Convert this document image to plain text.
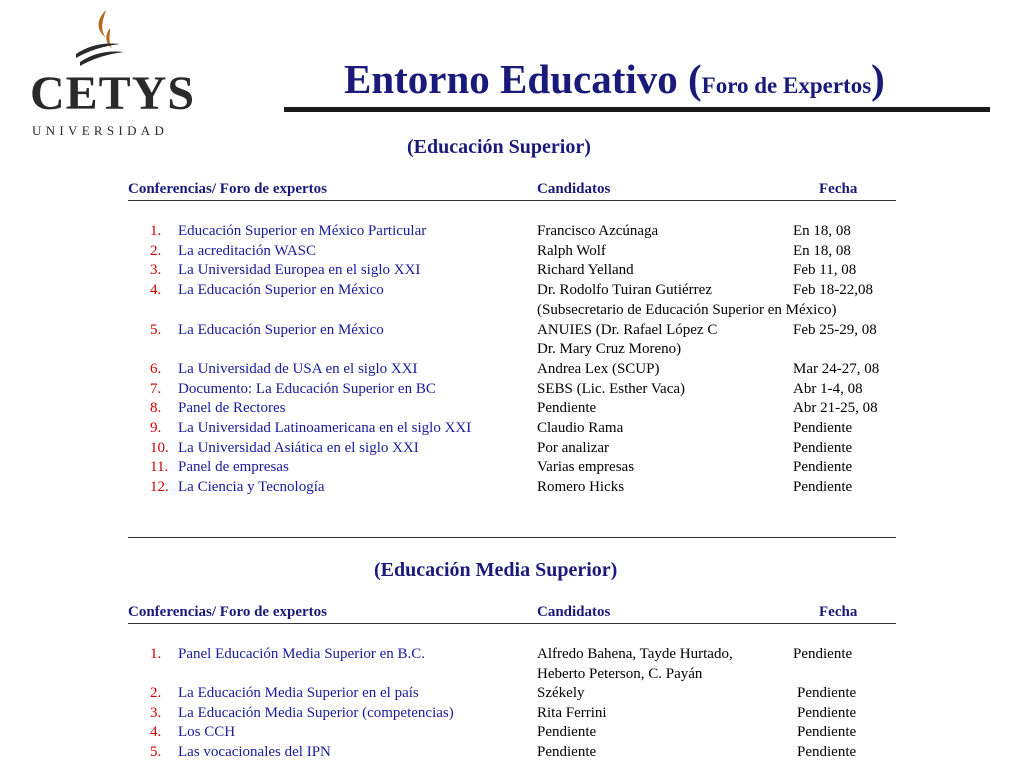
CETYS
UNIVERSIDAD
Entorno Educativo (Foro de Expertos)
(Educación Superior)
Conferencias/ Foro de expertos	Candidatos	Fecha
1.	Educación Superior en México Particular	Francisco Azcúnaga	En 18, 08
2.	La acreditación WASC	Ralph Wolf	En 18, 08
3.	La Universidad Europea en el siglo XXI	Richard Yelland	Feb 11, 08
4.	La Educación Superior en México	Dr. Rodolfo Tuiran Gutiérrez	Feb 18-22,08
(Subsecretario de Educación Superior en México)
5.	La Educación Superior en México	ANUIES (Dr. Rafael López C	Feb 25-29, 08
Dr. Mary Cruz Moreno)
6.	La Universidad de USA en el siglo XXI	Andrea Lex (SCUP)	Mar 24-27, 08
7.	Documento: La Educación Superior en BC	SEBS (Lic. Esther Vaca)	Abr 1-4, 08
8.	Panel de Rectores	Pendiente	Abr 21-25, 08
9.	La Universidad Latinoamericana en el siglo XXI	Claudio Rama	Pendiente
10. La Universidad Asiática en el siglo XXI	Por analizar	Pendiente
11. Panel de empresas	Varias empresas	Pendiente
12. La Ciencia y Tecnología	Romero Hicks	Pendiente
(Educación Media Superior)
Conferencias/ Foro de expertos	Candidatos	Fecha
1.	Panel Educación Media Superior en B.C.	Alfredo Bahena, Tayde Hurtado,	Pendiente
Heberto Peterson, C. Payán
2.	La Educación Media Superior en el país	Székely	Pendiente
3.	La Educación Media Superior (competencias)	Rita Ferrini	Pendiente
4.	Los CCH	Pendiente	Pendiente
5.	Las vocacionales del IPN	Pendiente	Pendiente
